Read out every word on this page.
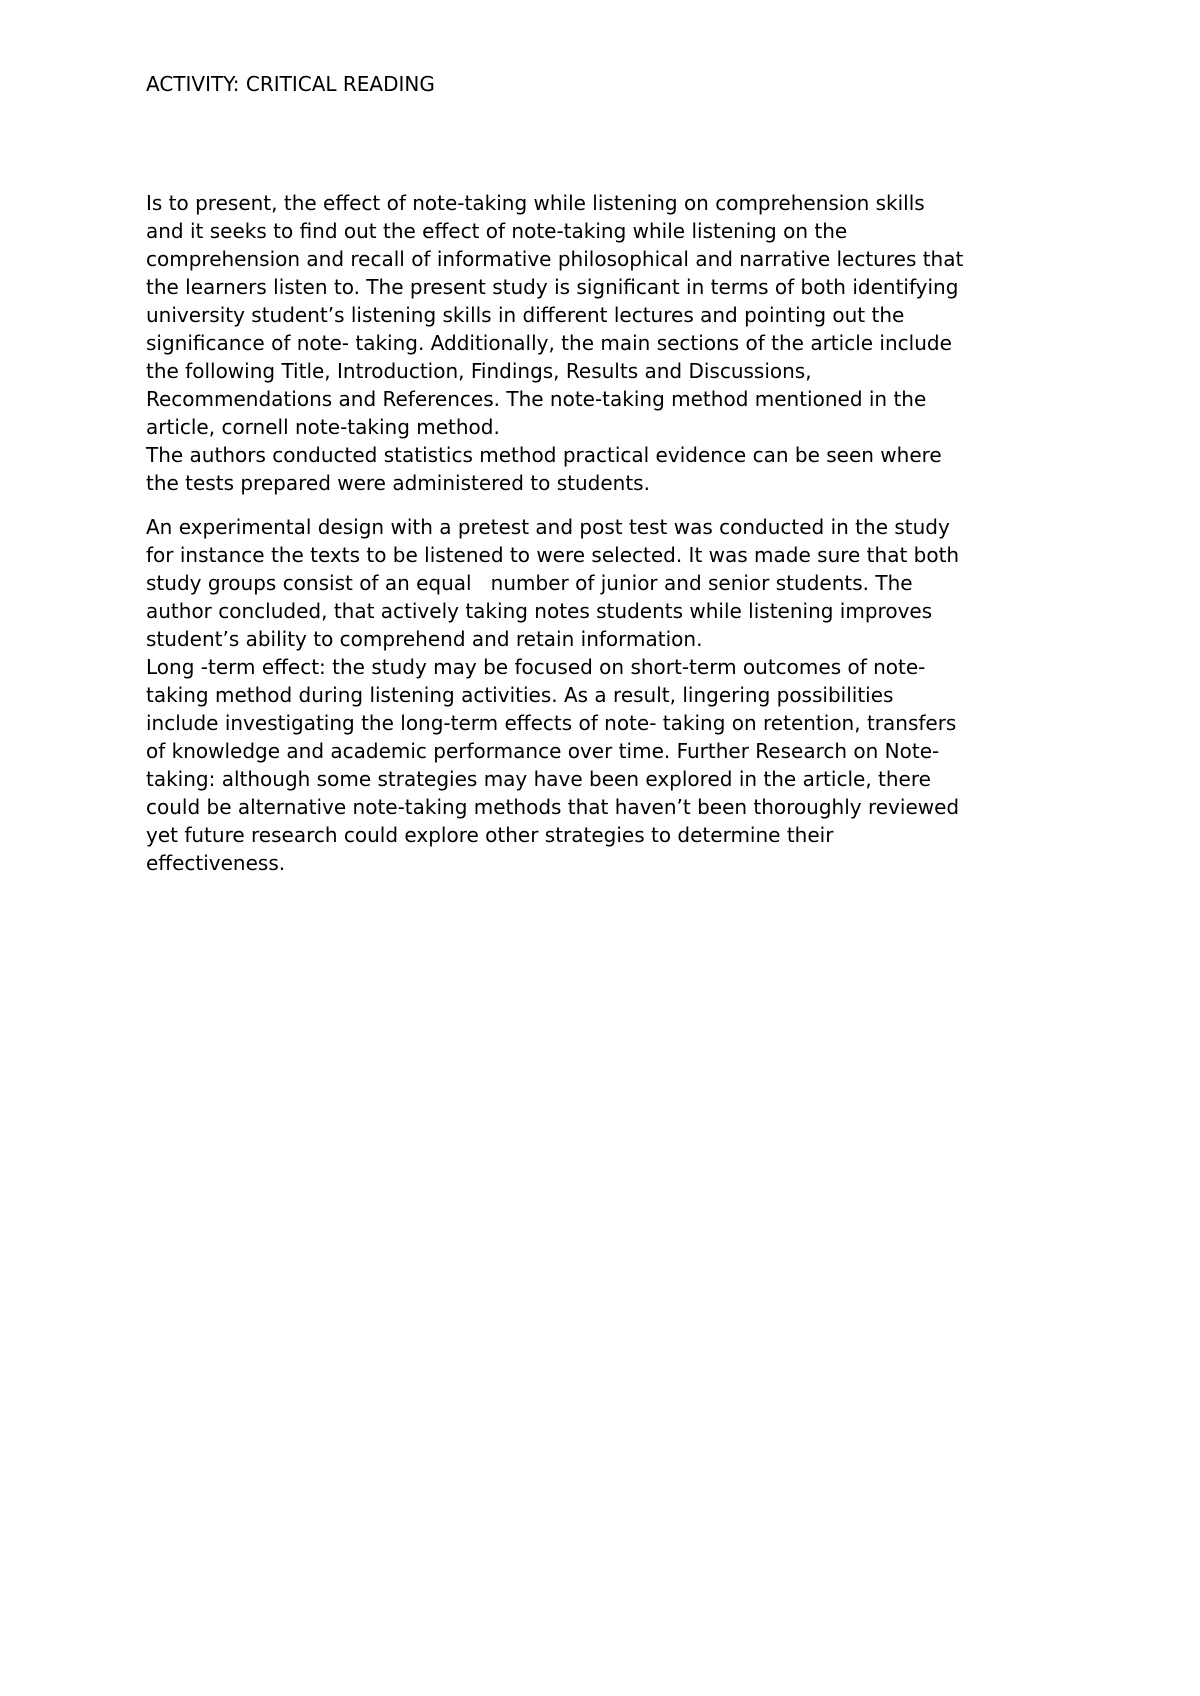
ACTIVITY: CRITICAL READING
Is to present, the effect of note-taking while listening on comprehension skills
and it seeks to find out the effect of note-taking while listening on the
comprehension and recall of informative philosophical and narrative lectures that
the learners listen to. The present study is significant in terms of both identifying
university student’s listening skills in different lectures and pointing out the
significance of note- taking. Additionally, the main sections of the article include
the following Title, Introduction, Findings, Results and Discussions,
Recommendations and References. The note-taking method mentioned in the
article, cornell note-taking method.
The authors conducted statistics method practical evidence can be seen where
the tests prepared were administered to students.
An experimental design with a pretest and post test was conducted in the study
for instance the texts to be listened to were selected. It was made sure that both
study groups consist of an equal   number of junior and senior students. The
author concluded, that actively taking notes students while listening improves
student’s ability to comprehend and retain information.
Long -term effect: the study may be focused on short-term outcomes of note-
taking method during listening activities. As a result, lingering possibilities
include investigating the long-term effects of note- taking on retention, transfers
of knowledge and academic performance over time. Further Research on Note-
taking: although some strategies may have been explored in the article, there
could be alternative note-taking methods that haven’t been thoroughly reviewed
yet future research could explore other strategies to determine their
effectiveness.
